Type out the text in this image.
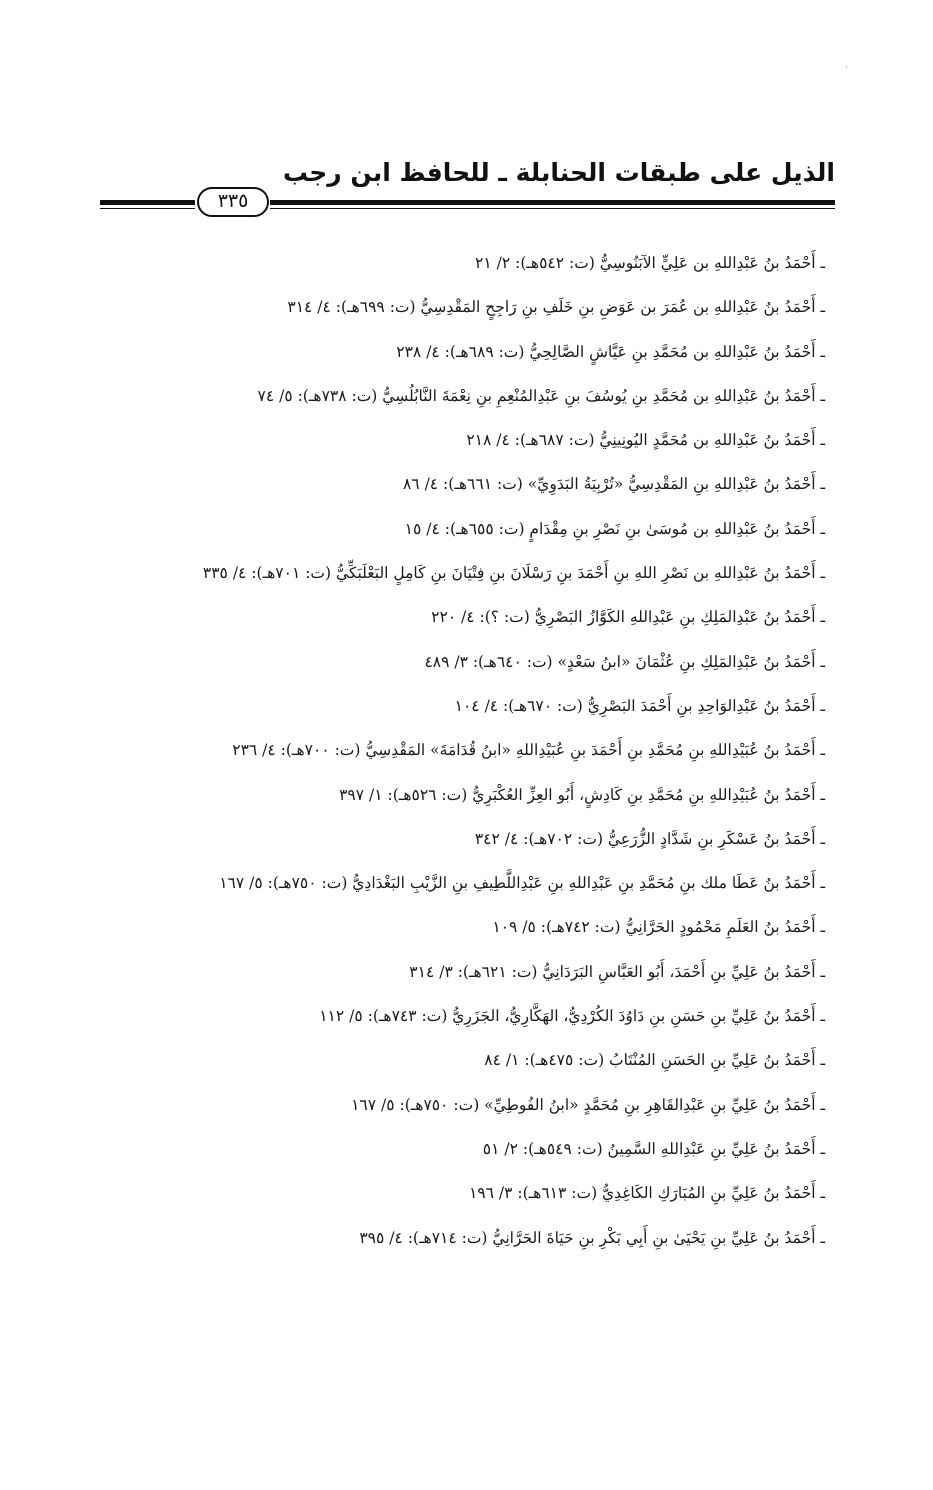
الذيل على طبقات الحنابلة ـ للحافظ ابن رجب
٣٣٥
ـ أَحْمَدُ بنُ عَبْدِاللهِ بن عَلِيٍّ الآبَنُوسِيُّ (ت: ٥٤٢هـ): ٢/ ٢١
ـ أَحْمَدُ بنُ عَبْدِاللهِ بن عُمَرَ بن عَوَضِ بنِ خَلَفِ بنِ رَاجِحٍ المَقْدِسِيُّ (ت: ٦٩٩هـ): ٤/ ٣١٤
ـ أَحْمَدُ بنُ عَبْدِاللهِ بن مُحَمَّدِ بنِ عَيَّاشٍ الصَّالِحِيُّ (ت: ٦٨٩هـ): ٤/ ٢٣٨
ـ أَحْمَدُ بنُ عَبْدِاللهِ بن مُحَمَّدِ بنِ يُوسُفَ بنِ عَبْدِالمُنْعِمِ بنِ نِعْمَةَ النَّابُلُسِيُّ (ت: ٧٣٨هـ): ٥/ ٧٤
ـ أَحْمَدُ بنُ عَبْدِاللهِ بن مُحَمَّدٍ اليُونِينِيُّ (ت: ٦٨٧هـ): ٤/ ٢١٨
ـ أَحْمَدُ بنُ عَبْدِاللهِ بنِ المَقْدِسِيُّ «تُرْبِيَةُ البَدَوِيِّ» (ت: ٦٦١هـ): ٤/ ٨٦
ـ أَحْمَدُ بنُ عَبْدِاللهِ بن مُوسَىٰ بنِ نَصْرِ بنِ مِقْدَامٍ (ت: ٦٥٥هـ): ٤/ ١٥
ـ أَحْمَدُ بنُ عَبْدِاللهِ بن نَصْرِ اللهِ بنِ أَحْمَدَ بنِ رَسْلَانَ بنِ فِتْيَانَ بنِ كَامِلٍ البَعْلَبَكِّيُّ (ت: ٧٠١هـ): ٤/ ٣٣٥
ـ أَحْمَدُ بنُ عَبْدِالمَلِكِ بنِ عَبْدِاللهِ الكَوَّازُ البَصْرِيُّ (ت: ؟): ٤/ ٢٢٠
ـ أَحْمَدُ بنُ عَبْدِالمَلِكِ بنِ عُثْمَانَ «ابنُ سَعْدٍ» (ت: ٦٤٠هـ): ٣/ ٤٨٩
ـ أَحْمَدُ بنُ عَبْدِالوَاحِدِ بنِ أَحْمَدَ البَصْرِيُّ (ت: ٦٧٠هـ): ٤/ ١٠٤
ـ أَحْمَدُ بنُ عُبَيْدِاللهِ بنِ مُحَمَّدِ بنِ أَحْمَدَ بنِ عُبَيْدِاللهِ «ابنُ قُدَامَةَ» المَقْدِسِيُّ (ت: ٧٠٠هـ): ٤/ ٢٣٦
ـ أَحْمَدُ بنُ عُبَيْدِاللهِ بنِ مُحَمَّدِ بنِ كَادِشٍ، أَبُو العِزِّ العُكْبَرِيُّ (ت: ٥٢٦هـ): ١/ ٣٩٧
ـ أَحْمَدُ بنُ عَسْكَرِ بنِ شَدَّادٍ الزُّرَعِيُّ (ت: ٧٠٢هـ): ٤/ ٣٤٢
ـ أَحْمَدُ بنُ عَطَا ملك بنِ مُحَمَّدِ بنِ عَبْدِاللهِ بنِ عَبْدِاللَّطِيفِ بنِ الزَّيْبِ البَغْدَادِيُّ (ت: ٧٥٠هـ): ٥/ ١٦٧
ـ أَحْمَدُ بنُ العَلَمِ مَحْمُودٍ الحَرَّانِيُّ (ت: ٧٤٢هـ): ٥/ ١٠٩
ـ أَحْمَدُ بنُ عَلِيِّ بنِ أَحْمَدَ، أَبُو العَبَّاسِ البَرَدَانِيُّ (ت: ٦٢١هـ): ٣/ ٣١٤
ـ أَحْمَدُ بنُ عَلِيِّ بنِ حَسَنِ بنِ دَاوُدَ الكُرْدِيُّ، الهَكَّارِيُّ، الجَزَرِيُّ (ت: ٧٤٣هـ): ٥/ ١١٢
ـ أَحْمَدُ بنُ عَلِيِّ بنِ الحَسَنِ المُنْتَابُ (ت: ٤٧٥هـ): ١/ ٨٤
ـ أَحْمَدُ بنُ عَلِيِّ بنِ عَبْدِالقَاهِرِ بنِ مُحَمَّدٍ «ابنُ الفُوطِيِّ» (ت: ٧٥٠هـ): ٥/ ١٦٧
ـ أَحْمَدُ بنُ عَلِيِّ بنِ عَبْدِاللهِ السَّمِينُ (ت: ٥٤٩هـ): ٢/ ٥١
ـ أَحْمَدُ بنُ عَلِيِّ بنِ المُبَارَكِ الكَاغِدِيُّ (ت: ٦١٣هـ): ٣/ ١٩٦
ـ أَحْمَدُ بنُ عَلِيِّ بنِ يَحْيَىٰ بنِ أَبِي بَكْرِ بنِ حَيَاةَ الحَرَّانِيُّ (ت: ٧١٤هـ): ٤/ ٣٩٥
